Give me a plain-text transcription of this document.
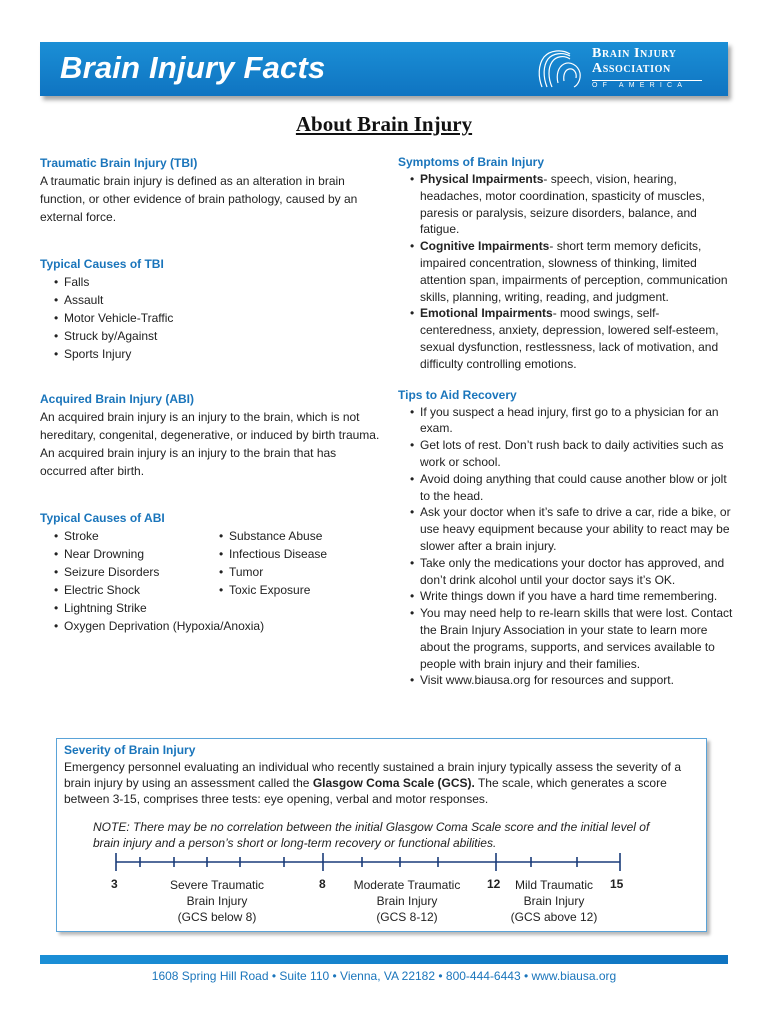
Brain Injury Facts	Brain Injury
Association
OF AMERICA
About Brain Injury
Traumatic Brain Injury (TBI)
A traumatic brain injury is defined as an alteration in brain function, or other evidence of brain pathology, caused by an external force.
Typical Causes of TBI
• Falls
• Assault
• Motor Vehicle-Traffic
• Struck by/Against
• Sports Injury
Acquired Brain Injury (ABI)
An acquired brain injury is an injury to the brain, which is not hereditary, congenital, degenerative, or induced by birth trauma. An acquired brain injury is an injury to the brain that has occurred after birth.
Typical Causes of ABI
• Stroke
• Near Drowning
• Seizure Disorders
• Electric Shock
• Lightning Strike
• Substance Abuse
• Infectious Disease
• Tumor
• Toxic Exposure
• Oxygen Deprivation (Hypoxia/Anoxia)
Symptoms of Brain Injury
• Physical Impairments- speech, vision, hearing, headaches, motor coordination, spasticity of muscles, paresis or paralysis, seizure disorders, balance, and fatigue.
• Cognitive Impairments- short term memory deficits, impaired concentration, slowness of thinking, limited attention span, impairments of perception, communication skills, planning, writing, reading, and judgment.
• Emotional Impairments- mood swings, self-centeredness, anxiety, depression, lowered self-esteem, sexual dysfunction, restlessness, lack of motivation, and difficulty controlling emotions.
Tips to Aid Recovery
• If you suspect a head injury, first go to a physician for an exam.
• Get lots of rest. Don’t rush back to daily activities such as work or school.
• Avoid doing anything that could cause another blow or jolt to the head.
• Ask your doctor when it’s safe to drive a car, ride a bike, or use heavy equipment because your ability to react may be slower after a brain injury.
• Take only the medications your doctor has approved, and don’t drink alcohol until your doctor says it’s OK.
• Write things down if you have a hard time remembering.
• You may need help to re-learn skills that were lost. Contact the Brain Injury Association in your state to learn more about the programs, supports, and services available to people with brain injury and their families.
• Visit www.biausa.org for resources and support.
Severity of Brain Injury
Emergency personnel evaluating an individual who recently sustained a brain injury typically assess the severity of a brain injury by using an assessment called the Glasgow Coma Scale (GCS). The scale, which generates a score between 3-15, comprises three tests: eye opening, verbal and motor responses.
NOTE: There may be no correlation between the initial Glasgow Coma Scale score and the initial level of brain injury and a person’s short or long-term recovery or functional abilities.
3	8	12	15
Severe Traumatic
Brain Injury
(GCS below 8)
Moderate Traumatic
Brain Injury
(GCS 8-12)
Mild Traumatic
Brain Injury
(GCS above 12)
1608 Spring Hill Road • Suite 110 • Vienna, VA 22182 • 800-444-6443 • www.biausa.org
